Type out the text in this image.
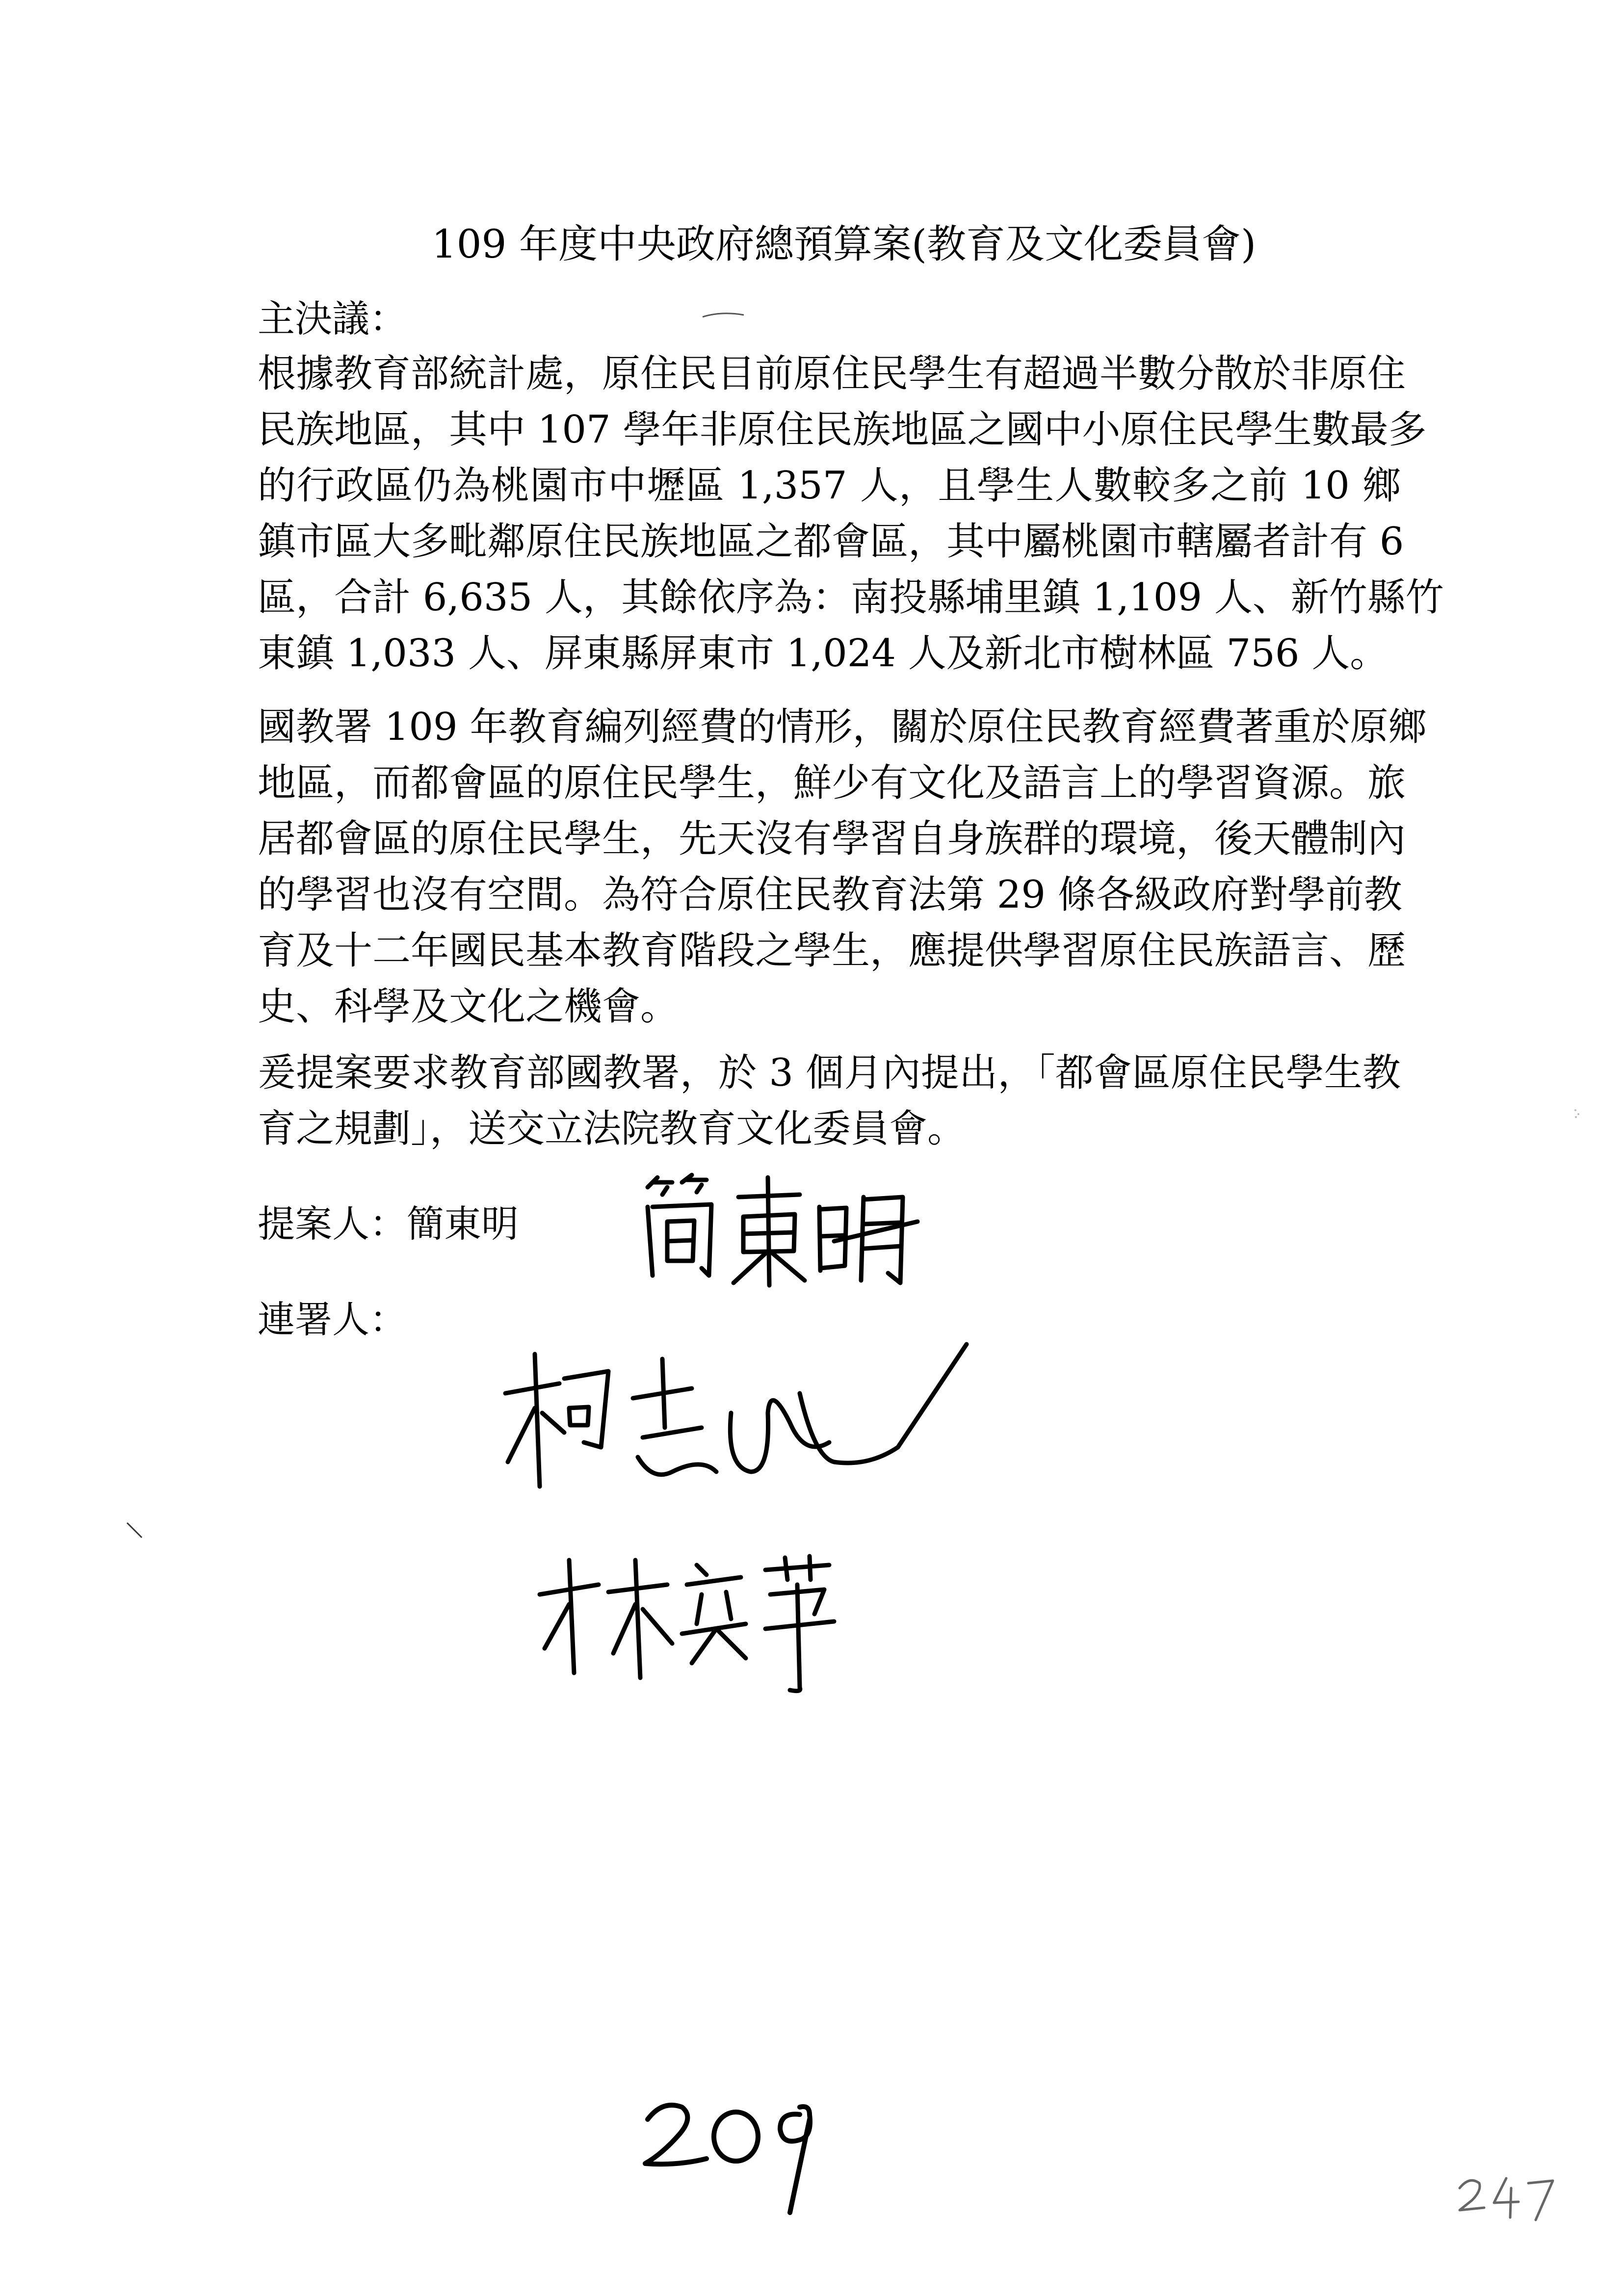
109 年度中央政府總預算案(教育及文化委員會)
主決議：
根據教育部統計處，原住民目前原住民學生有超過半數分散於非原住
民族地區，其中 107 學年非原住民族地區之國中小原住民學生數最多
的行政區仍為桃園市中壢區 1,357 人，且學生人數較多之前 10 鄉
鎮市區大多毗鄰原住民族地區之都會區，其中屬桃園市轄屬者計有 6
區，合計 6,635 人，其餘依序為：南投縣埔里鎮 1,109 人、新竹縣竹
東鎮 1,033 人、屏東縣屏東市 1,024 人及新北市樹林區 756 人。
國教署 109 年教育編列經費的情形，關於原住民教育經費著重於原鄉
地區，而都會區的原住民學生，鮮少有文化及語言上的學習資源。旅
居都會區的原住民學生，先天沒有學習自身族群的環境，後天體制內
的學習也沒有空間。為符合原住民教育法第 29 條各級政府對學前教
育及十二年國民基本教育階段之學生，應提供學習原住民族語言、歷
史、科學及文化之機會。
爰提案要求教育部國教署，於 3 個月內提出，「都會區原住民學生教
育之規劃」，送交立法院教育文化委員會。
提案人：簡東明
連署人：
